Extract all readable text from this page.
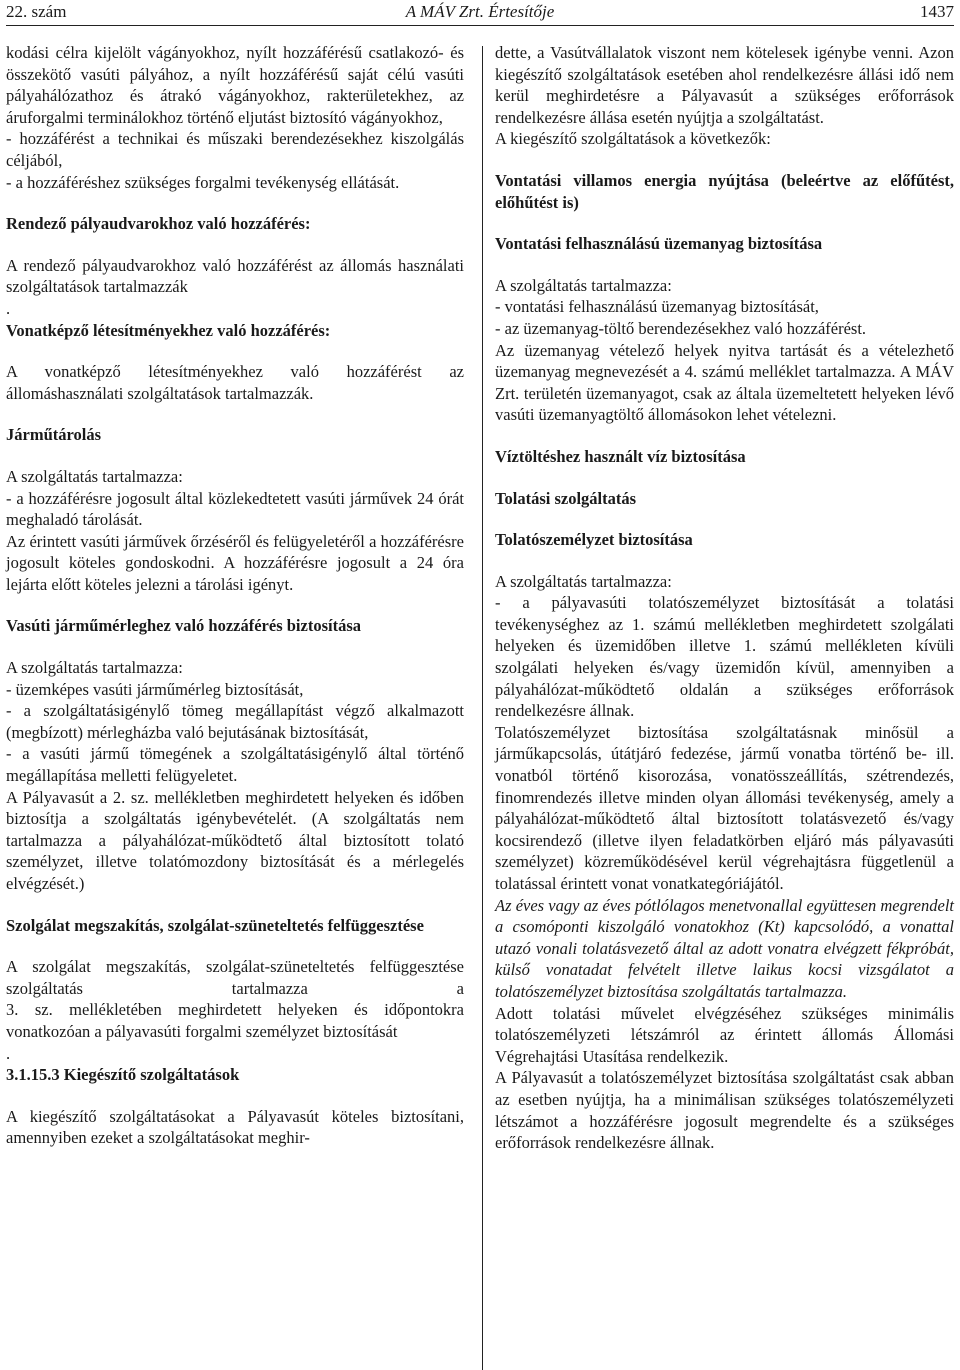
22. szám	A MÁV Zrt. Értesítője	1437

kodási célra kijelölt vágányokhoz, nyílt hozzáférésű csatlakozó- és összekötő vasúti pályához, a nyílt hozzáférésű saját célú vasúti pályahálózathoz és átrakó vágányokhoz, rakterületekhez, az áruforgalmi terminálokhoz történő eljutást biztosító vágányokhoz,

- hozzáférést a technikai és műszaki berendezésekhez kiszolgálás céljából,

- a hozzáféréshez szükséges forgalmi tevékenység ellátását.

Rendező pályaudvarokhoz való hozzáférés:

A rendező pályaudvarokhoz való hozzáférést az állomás használati szolgáltatások tartalmazzák

.

Vonatképző létesítményekhez való hozzáférés:

A vonatképző létesítményekhez való hozzáférést az állomáshasználati szolgáltatások tartalmazzák.

Járműtárolás

A szolgáltatás tartalmazza:

- a hozzáférésre jogosult által közlekedtetett vasúti járművek 24 órát meghaladó tárolását.

Az érintett vasúti járművek őrzéséről és felügyeletéről a hozzáférésre jogosult köteles gondoskodni. A hozzáférésre jogosult a 24 óra lejárta előtt köteles jelezni a tárolási igényt.

Vasúti járműmérleghez való hozzáférés biztosítása

A szolgáltatás tartalmazza:

- üzemképes vasúti járműmérleg biztosítását,

- a szolgáltatásigénylő tömeg megállapítást végző alkalmazott (megbízott) mérlegházba való bejutásának biztosítását,

- a vasúti jármű tömegének a szolgáltatásigénylő által történő megállapítása melletti felügyeletet.

A Pályavasút a 2. sz. mellékletben meghirdetett helyeken és időben biztosítja a szolgáltatás igénybevételét. (A szolgáltatás nem tartalmazza a pályahálózat-működtető által biztosított tolató személyzet, illetve tolatómozdony biztosítását és a mérlegelés elvégzését.)

Szolgálat megszakítás, szolgálat-szüneteltetés felfüggesztése

A szolgálat megszakítás, szolgálat-szüneteltetés felfüggesztése szolgáltatás tartalmazza a

3. sz. mellékletében meghirdetett helyeken és időpontokra vonatkozóan a pályavasúti forgalmi személyzet biztosítását

.

3.1.15.3 Kiegészítő szolgáltatások

A kiegészítő szolgáltatásokat a Pályavasút köteles biztosítani, amennyiben ezeket a szolgáltatásokat meghir-

dette, a Vasútvállalatok viszont nem kötelesek igénybe venni. Azon kiegészítő szolgáltatások esetében ahol rendelkezésre állási idő nem kerül meghirdetésre a Pályavasút a szükséges erőforrások rendelkezésre állása esetén nyújtja a szolgáltatást.

A kiegészítő szolgáltatások a következők:

Vontatási villamos energia nyújtása (beleértve az előfűtést, előhűtést is)
Vontatási felhasználású üzemanyag biztosítása

A szolgáltatás tartalmazza:

- vontatási felhasználású üzemanyag biztosítását,

- az üzemanyag-töltő berendezésekhez való hozzáférést.

Az üzemanyag vételező helyek nyitva tartását és a vételezhető üzemanyag megnevezését a 4. számú melléklet tartalmazza. A MÁV Zrt. területén üzemanyagot, csak az általa üzemeltetett helyeken lévő vasúti üzemanyagtöltő állomásokon lehet vételezni.

Víztöltéshez használt víz biztosítása
Tolatási szolgáltatás
Tolatószemélyzet biztosítása

A szolgáltatás tartalmazza:

- a pályavasúti tolatószemélyzet biztosítását a tolatási tevékenységhez az 1. számú mellékletben meghirdetett szolgálati helyeken és üzemidőben illetve 1. számú mellékleten kívüli szolgálati helyeken és/vagy üzemidőn kívül, amennyiben a pályahálózat-működtető oldalán a szükséges erőforrások rendelkezésre állnak.

Tolatószemélyzet biztosítása szolgáltatásnak minősül a járműkapcsolás, útátjáró fedezése, jármű vonatba történő be- ill. vonatból történő kisorozása, vonatösszeállítás, szétrendezés, finomrendezés illetve minden olyan állomási tevékenység, amely a pályahálózat-működtető által biztosított tolatásvezető és/vagy kocsirendező (illetve ilyen feladatkörben eljáró más pályavasúti személyzet) közreműködésével kerül végrehajtásra függetlenül a tolatással érintett vonat vonatkategóriájától.

Az éves vagy az éves pótlólagos menetvonallal együttesen megrendelt a csomóponti kiszolgáló vonatokhoz (Kt) kapcsolódó, a vonattal utazó vonali tolatásvezető által az adott vonatra elvégzett fékpróbát, külső vonatadat felvételt illetve laikus kocsi vizsgálatot a tolatószemélyzet biztosítása szolgáltatás tartalmazza.

Adott tolatási művelet elvégzéséhez szükséges minimális tolatószemélyzeti létszámról az érintett állomás Állomási Végrehajtási Utasítása rendelkezik.

A Pályavasút a tolatószemélyzet biztosítása szolgáltatást csak abban az esetben nyújtja, ha a minimálisan szükséges tolatószemélyzeti létszámot a hozzáférésre jogosult megrendelte és a szükséges erőforrások rendelkezésre állnak.
